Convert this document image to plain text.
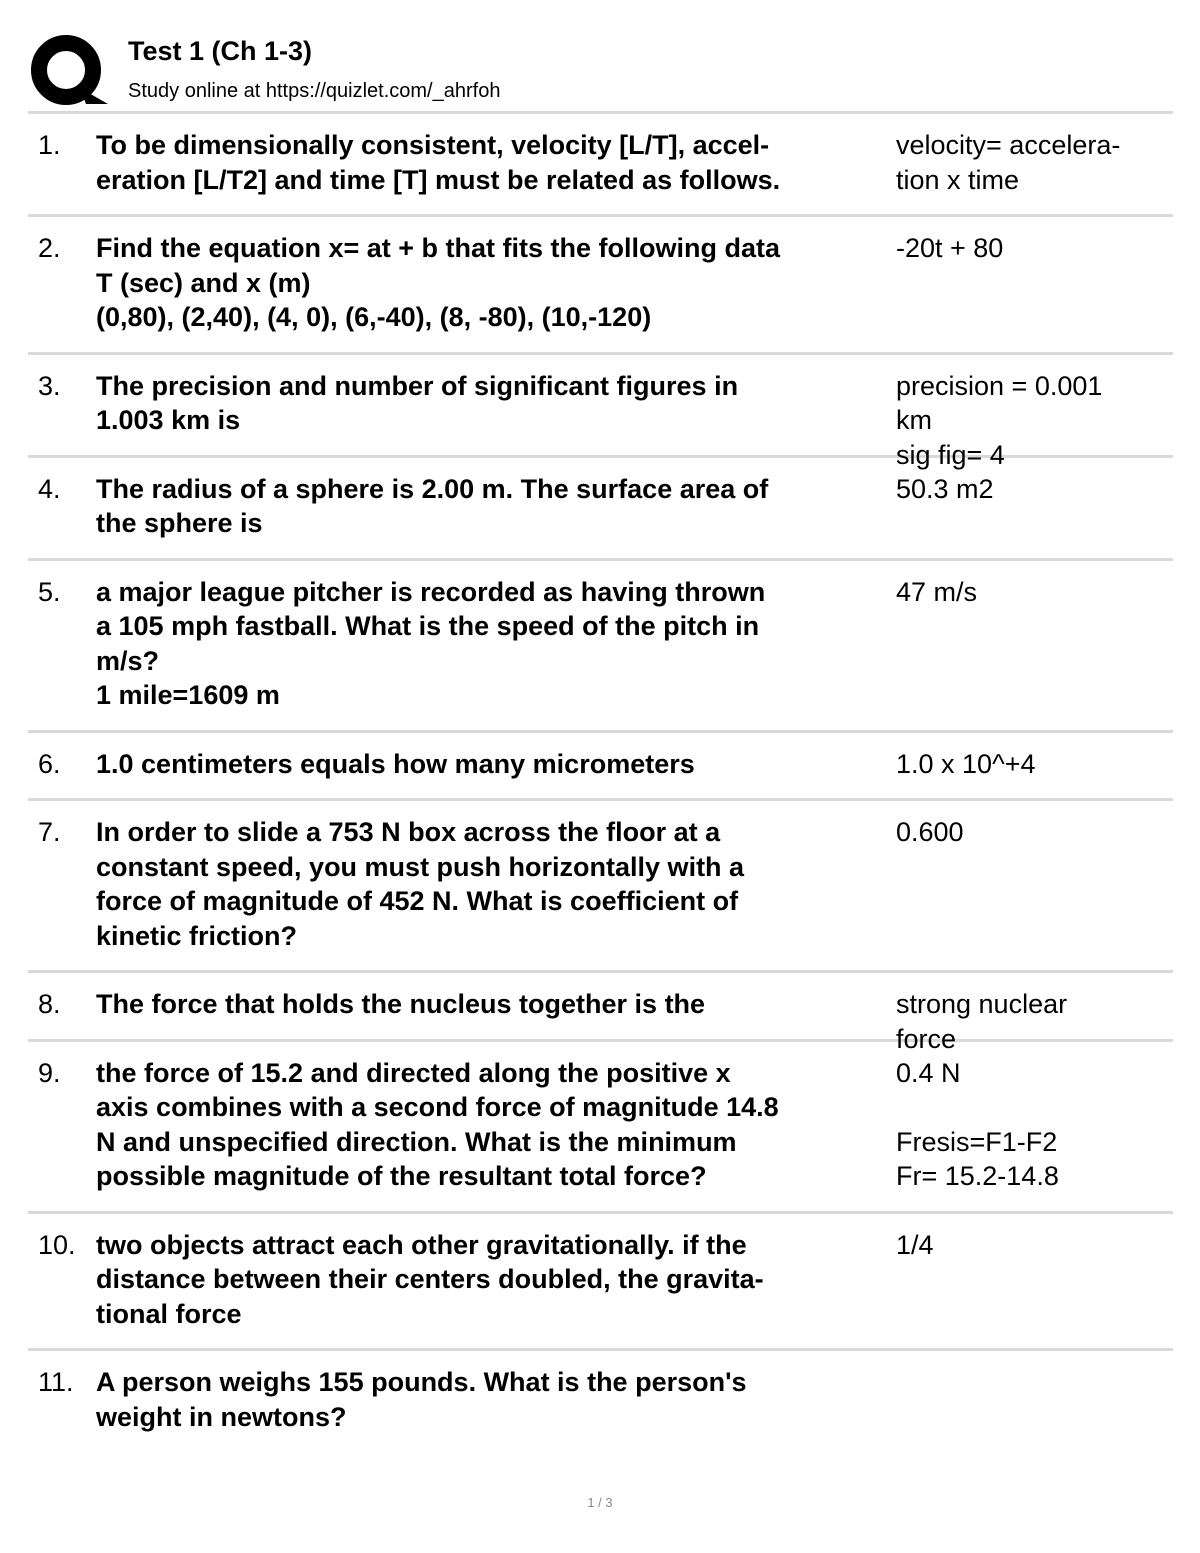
Test 1 (Ch 1-3)
Study online at https://quizlet.com/_ahrfoh
1. To be dimensionally consistent, velocity [L/T], accel-
eration [L/T2] and time [T] must be related as follows.
velocity= accelera-
tion x time
2. Find the equation x= at + b that fits the following data
T (sec) and x (m)
(0,80), (2,40), (4, 0), (6,-40), (8, -80), (10,-120)
-20t + 80
3. The precision and number of significant figures in
1.003 km is
precision = 0.001
km
sig fig= 4
4. The radius of a sphere is 2.00 m. The surface area of
the sphere is
50.3 m2
5. a major league pitcher is recorded as having thrown
a 105 mph fastball. What is the speed of the pitch in
m/s?
1 mile=1609 m
47 m/s
6. 1.0 centimeters equals how many micrometers	1.0 x 10^+4
7. In order to slide a 753 N box across the floor at a
constant speed, you must push horizontally with a
force of magnitude of 452 N. What is coefficient of
kinetic friction?
0.600
8. The force that holds the nucleus together is the	strong nuclear
force
9. the force of 15.2 and directed along the positive x
axis combines with a second force of magnitude 14.8
N and unspecified direction. What is the minimum
possible magnitude of the resultant total force?
0.4 N

Fresis=F1-F2
Fr= 15.2-14.8
10. two objects attract each other gravitationally. if the
distance between their centers doubled, the gravita-
tional force
1/4
11. A person weighs 155 pounds. What is the person's
weight in newtons?
1 / 3
